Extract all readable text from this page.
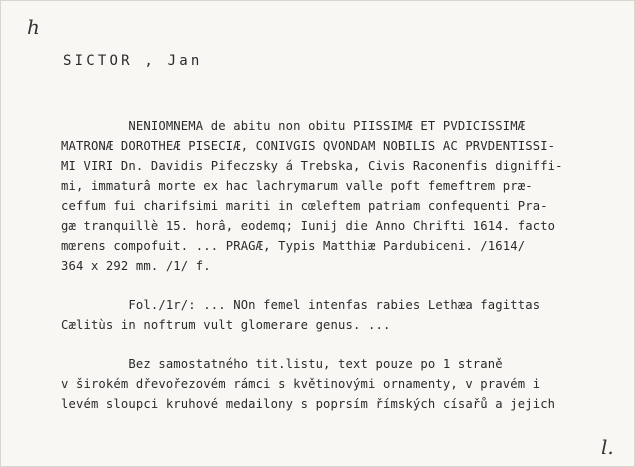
h
SICTOR , Jan
NENIOMNEMA de abitu non obitu PIISSIMÆ ET PVDICISSIMÆ
MATRONÆ DOROTHEÆ PISECIÆ, CONIVGIS QVONDAM NOBILIS AC PRVDENTISSI-
MI VIRI Dn. Davidis Pifeczsky á Trebska, Civis Raconenfis digniffi-
mi, immaturâ morte ex hac lachrymarum valle poft femeftrem præ-
ceffum fui charifsimi mariti in cœleftem patriam confequenti Pra-
gæ tranquillè 15. horâ, eodemq; Iunij die Anno Chrifti 1614. facto
mœrens compofuit. ... PRAGÆ, Typis Matthiæ Pardubiceni. /1614/
364 x 292 mm. /1/ f.
Fol./1r/: ... NOn femel intenfas rabies Lethæa fagittas
Cælitùs in noftrum vult glomerare genus. ...
Bez samostatného tit.listu, text pouze po 1 straně
v širokém dřevořezovém rámci s květinovými ornamenty, v pravém i
levém sloupci kruhové medailony s poprsím římských císařů a jejich
l.
